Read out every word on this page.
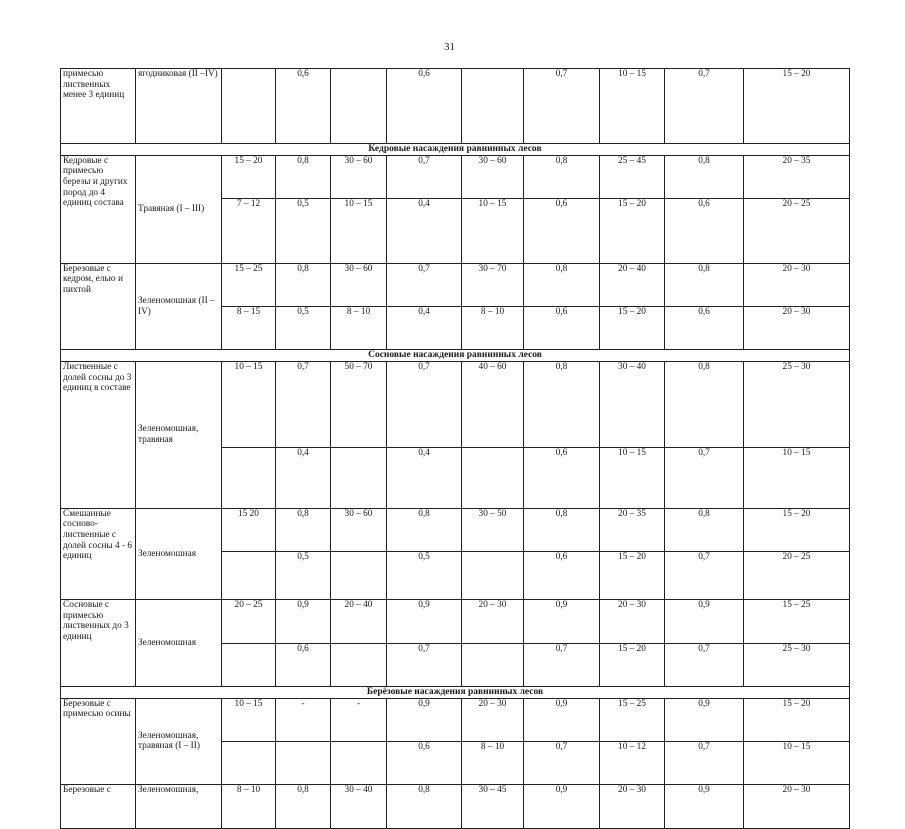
31
примесью лиственных менее 3 единиц	ягодниковая (II –IV)		0,6		0,6		0,7	10 – 15	0,7	15 – 20	
Кедровые насаждения равнинных лесов											
Кедровые с примесью березы и других пород до 4 единиц состава	Травяная (I – III)	15 – 20	0,8	30 – 60	0,7	30 – 60	0,8	25 – 45	0,8	20 – 35	
		7 – 12	0,5	10 – 15	0,4	10 – 15	0,6	15 – 20	0,6	20 – 25	
Березовые с кедром, елью и пихтой	Зеленомошная (II – IV)	15 – 25	0,8	30 – 60	0,7	30 – 70	0,8	20 – 40	0,8	20 – 30	
		8 – 15	0,5	8 – 10	0,4	8 – 10	0,6	15 – 20	0,6	20 – 30	
Сосновые насаждения равнинных лесов											
Лиственные с долей сосны до 3 единиц в составе	Зеленомошная, травяная	10 – 15	0,7	50 – 70	0,7	40 – 60	0,8	30 – 40	0,8	25 – 30	
			0,4		0,4		0,6	10 – 15	0,7	10 – 15	
Смешанные сосново-лиственные с долей сосны 4 - 6 единиц	Зеленомошная	15 20	0,8	30 – 60	0,8	30 – 50	0,8	20 – 35	0,8	15 – 20	
			0,5		0,5		0,6	15 – 20	0,7	20 – 25	
Сосновые с примесью лиственных до 3 единиц	Зеленомошная	20 – 25	0,9	20 – 40	0,9	20 – 30	0,9	20 – 30	0,9	15 – 25	
			0,6		0,7		0,7	15 – 20	0,7	25 – 30	
Берёзовые насаждения равнинных лесов											
Березовые с примесью осины	Зеленомошная, травяная (I – II)	10 – 15	-	-	0,9	20 – 30	0,9	15 – 25	0,9	15 – 20	
					0,6	8 – 10	0,7	10 – 12	0,7	10 – 15	
Березовые с	Зеленомошная,	8 – 10	0,8	30 – 40	0,8	30 – 45	0,9	20 – 30	0,9	20 – 30	
